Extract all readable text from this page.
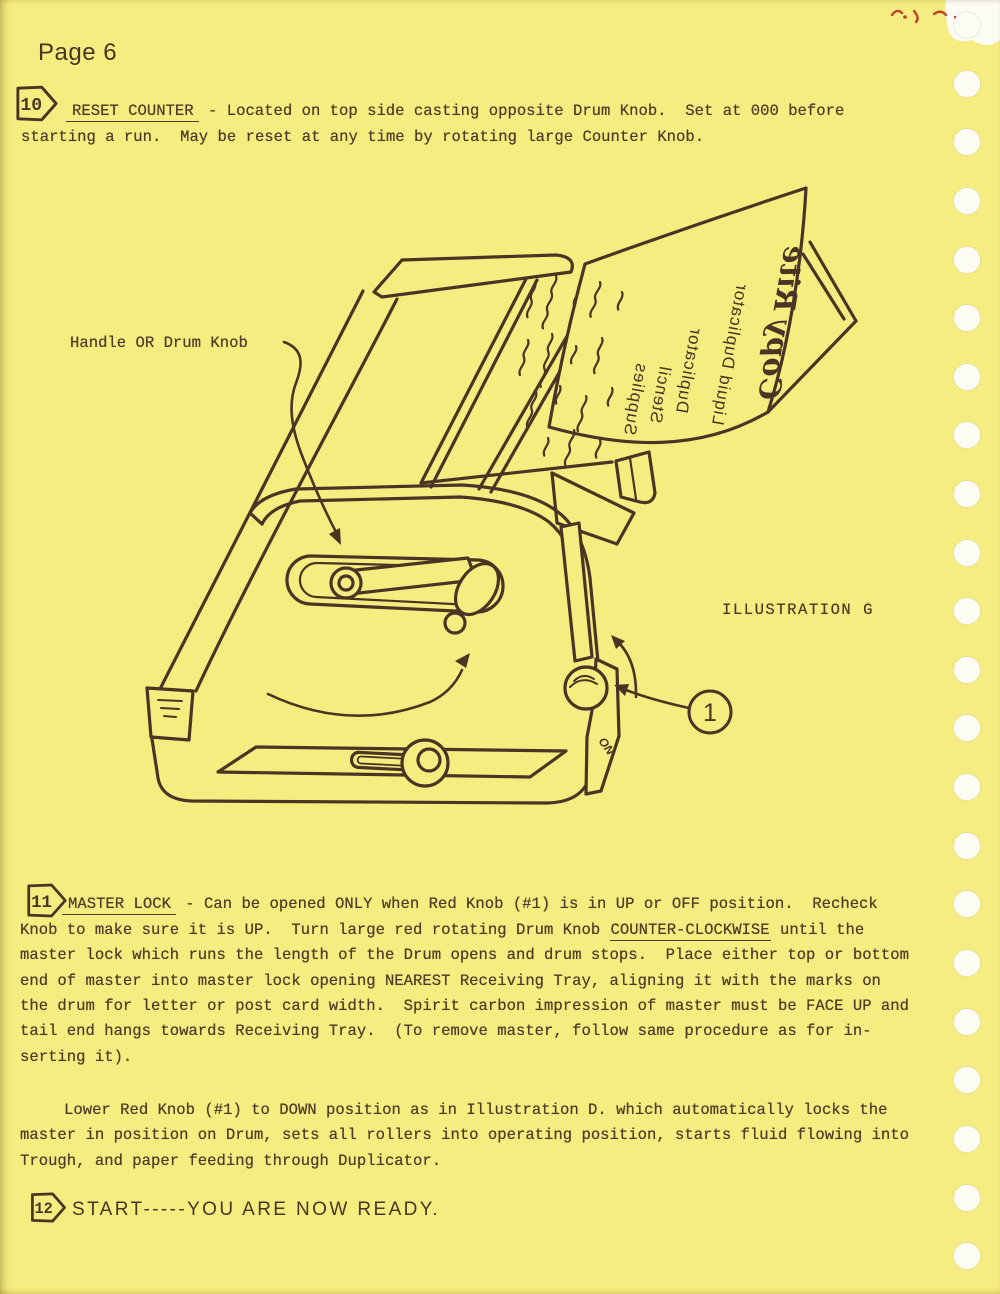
Copy Rite
Liquid Duplicator
Duplicator
Stencil
Supplies
ON
1
Page 6
10	RESET COUNTER - Located on top side casting opposite Drum Knob.  Set at 000 before
starting a run.  May be reset at any time by rotating large Counter Knob.
Handle OR Drum Knob
ILLUSTRATION G
11	MASTER LOCK - Can be opened ONLY when Red Knob (#1) is in UP or OFF position.  Recheck
Knob to make sure it is UP.  Turn large red rotating Drum Knob COUNTER-CLOCKWISE until the
master lock which runs the length of the Drum opens and drum stops.  Place either top or bottom
end of master into master lock opening NEAREST Receiving Tray, aligning it with the marks on
the drum for letter or post card width.  Spirit carbon impression of master must be FACE UP and
tail end hangs towards Receiving Tray.  (To remove master, follow same procedure as for in-
serting it).
Lower Red Knob (#1) to DOWN position as in Illustration D. which automatically locks the
master in position on Drum, sets all rollers into operating position, starts fluid flowing into
Trough, and paper feeding through Duplicator.
12 START-----YOU ARE NOW READY.
